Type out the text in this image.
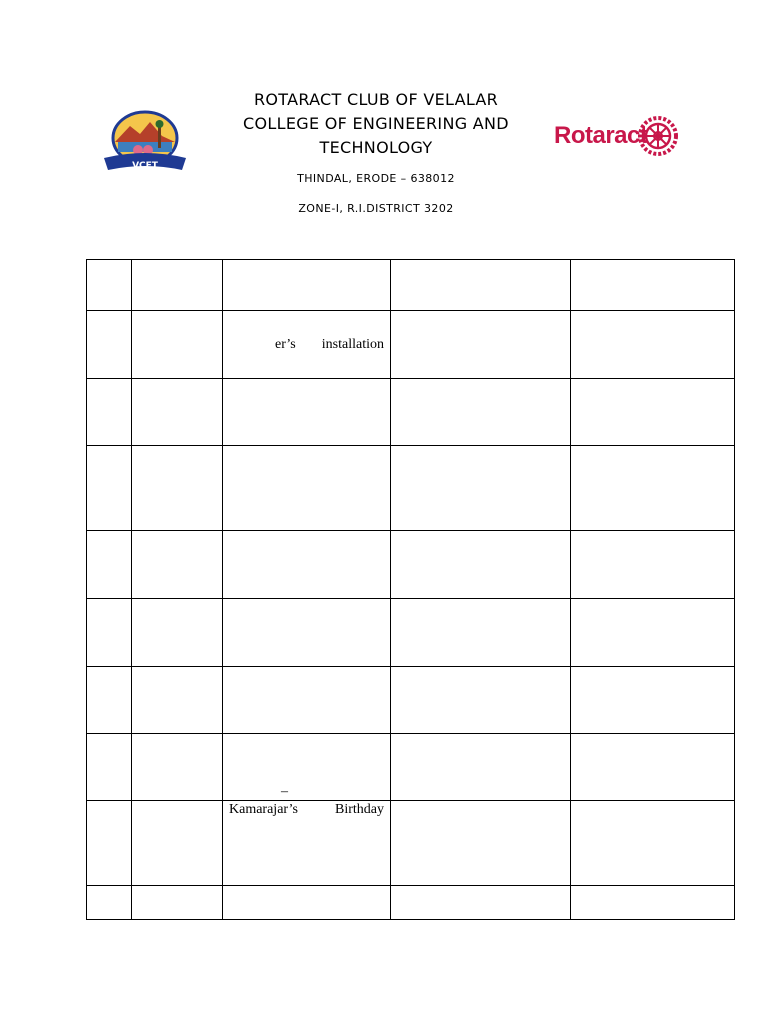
VCET
ROTARACT CLUB OF VELALAR
COLLEGE OF ENGINEERING AND
TECHNOLOGY
THINDAL, ERODE – 638012
ZONE-I, R.I.DISTRICT 3202
Rotaract

		er’s installation		

		–		

		Kamarajar’s Birthday		
